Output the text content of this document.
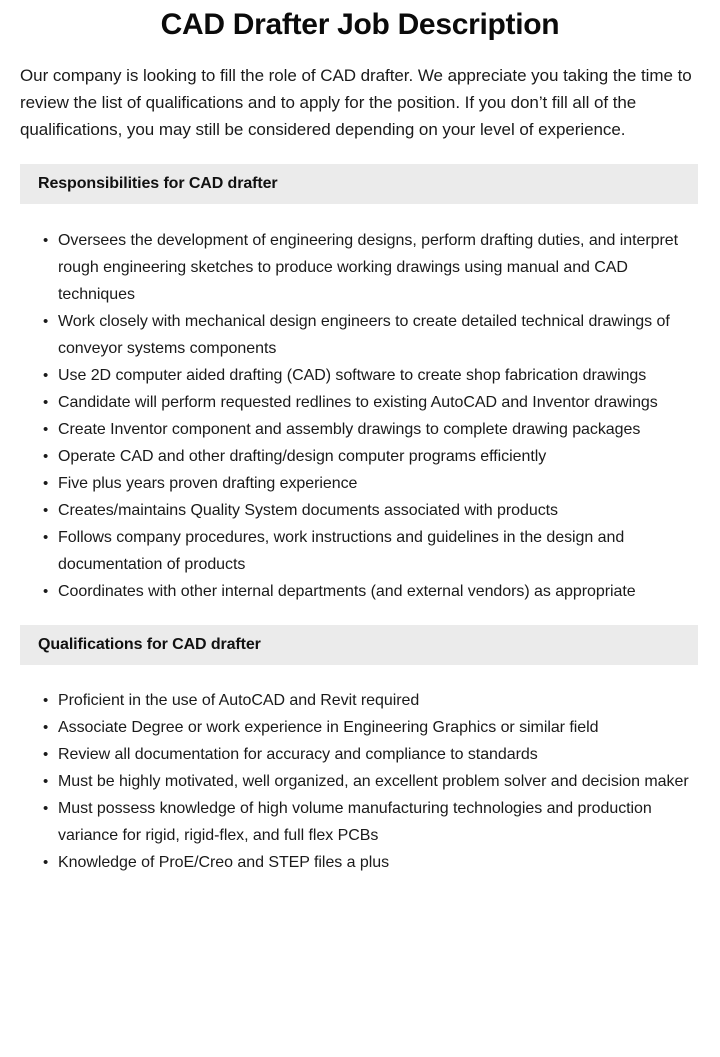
CAD Drafter Job Description

Our company is looking to fill the role of CAD drafter. We appreciate you taking the time to review the list of qualifications and to apply for the position. If you don’t fill all of the qualifications, you may still be considered depending on your level of experience.

Responsibilities for CAD drafter
• Oversees the development of engineering designs, perform drafting duties, and interpret rough engineering sketches to produce working drawings using manual and CAD techniques
• Work closely with mechanical design engineers to create detailed technical drawings of conveyor systems components
• Use 2D computer aided drafting (CAD) software to create shop fabrication drawings
• Candidate will perform requested redlines to existing AutoCAD and Inventor drawings
• Create Inventor component and assembly drawings to complete drawing packages
• Operate CAD and other drafting/design computer programs efficiently
• Five plus years proven drafting experience
• Creates/maintains Quality System documents associated with products
• Follows company procedures, work instructions and guidelines in the design and documentation of products
• Coordinates with other internal departments (and external vendors) as appropriate
Qualifications for CAD drafter
• Proficient in the use of AutoCAD and Revit required
• Associate Degree or work experience in Engineering Graphics or similar field
• Review all documentation for accuracy and compliance to standards
• Must be highly motivated, well organized, an excellent problem solver and decision maker
• Must possess knowledge of high volume manufacturing technologies and production variance for rigid, rigid-flex, and full flex PCBs
• Knowledge of ProE/Creo and STEP files a plus
